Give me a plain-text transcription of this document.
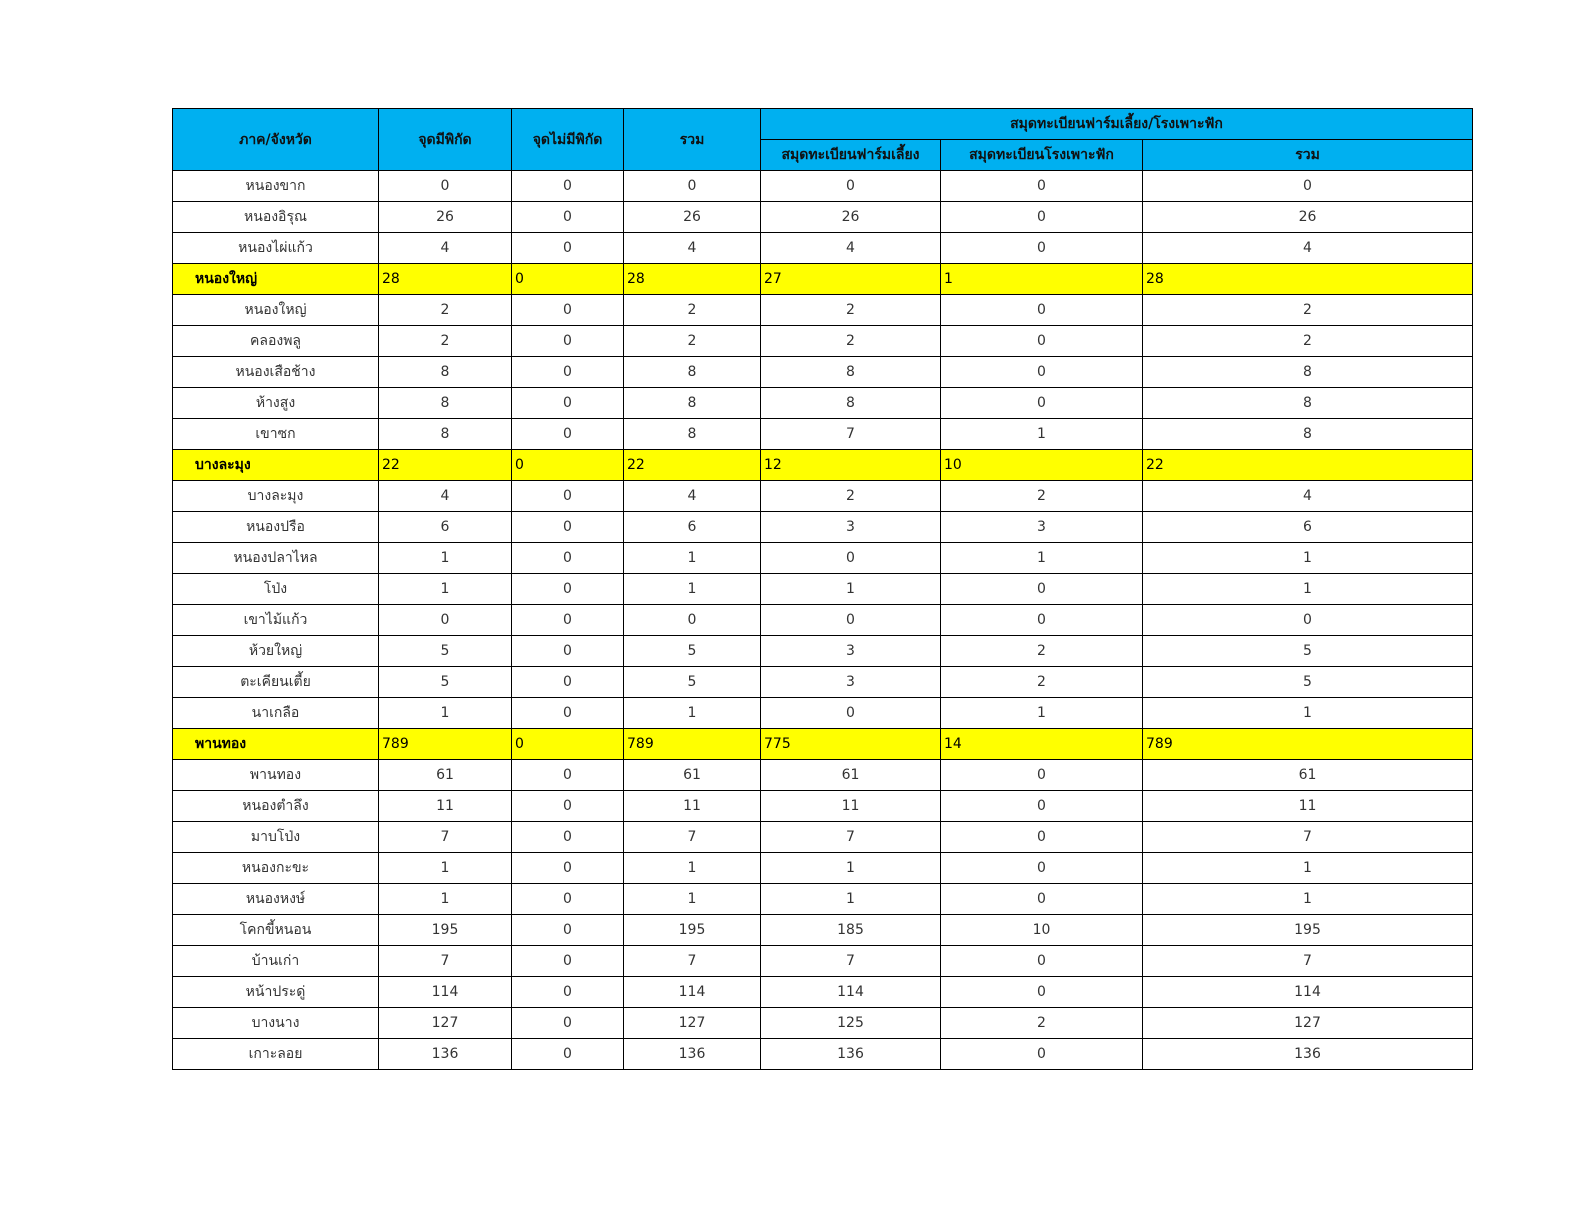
ภาค/จังหวัด	จุดมีพิกัด	จุดไม่มีพิกัด	รวม	สมุดทะเบียนฟาร์มเลี้ยง/โรงเพาะฟัก		
				สมุดทะเบียนฟาร์มเลี้ยง	สมุดทะเบียนโรงเพาะฟัก	รวม
หนองขาก	0	0	0	0	0	0
หนองอิรุณ	26	0	26	26	0	26
หนองไผ่แก้ว	4	0	4	4	0	4
หนองใหญ่	28	0	28	27	1	28
หนองใหญ่	2	0	2	2	0	2
คลองพลู	2	0	2	2	0	2
หนองเสือช้าง	8	0	8	8	0	8
ห้างสูง	8	0	8	8	0	8
เขาซก	8	0	8	7	1	8
บางละมุง	22	0	22	12	10	22
บางละมุง	4	0	4	2	2	4
หนองปรือ	6	0	6	3	3	6
หนองปลาไหล	1	0	1	0	1	1
โป่ง	1	0	1	1	0	1
เขาไม้แก้ว	0	0	0	0	0	0
ห้วยใหญ่	5	0	5	3	2	5
ตะเคียนเตี้ย	5	0	5	3	2	5
นาเกลือ	1	0	1	0	1	1
พานทอง	789	0	789	775	14	789
พานทอง	61	0	61	61	0	61
หนองตำลึง	11	0	11	11	0	11
มาบโป่ง	7	0	7	7	0	7
หนองกะขะ	1	0	1	1	0	1
หนองหงษ์	1	0	1	1	0	1
โคกขี้หนอน	195	0	195	185	10	195
บ้านเก่า	7	0	7	7	0	7
หน้าประดู่	114	0	114	114	0	114
บางนาง	127	0	127	125	2	127
เกาะลอย	136	0	136	136	0	136
